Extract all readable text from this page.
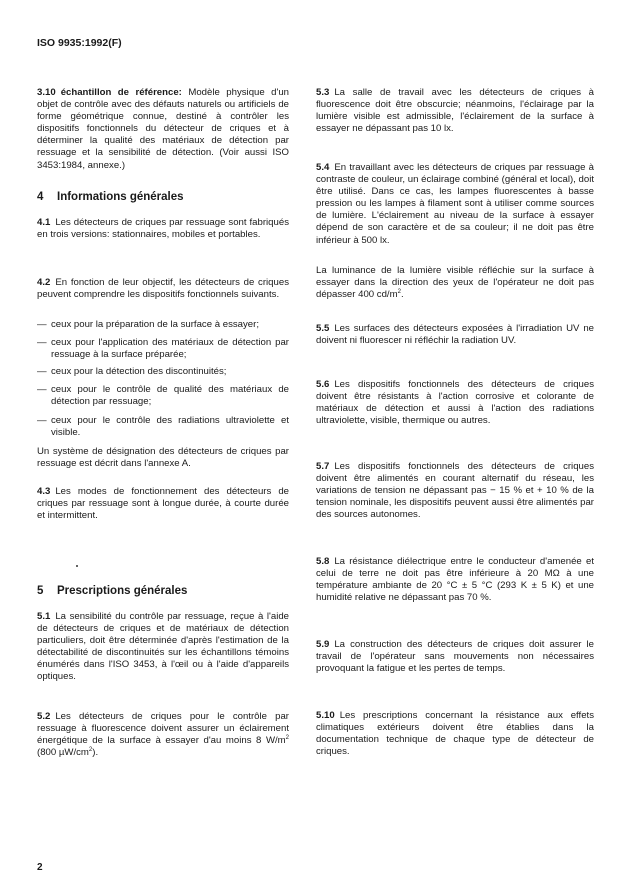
ISO 9935:1992(F)

3.10 échantillon de référence: Modèle physique d'un objet de contrôle avec des défauts naturels ou artificiels de forme géométrique connue, destiné à contrôler les dispositifs fonctionnels du détecteur de criques et à déterminer la qualité des matériaux de détection par ressuage et la sensibilité de détection. (Voir aussi ISO 3453:1984, annexe.)

4 Informations générales

4.1 Les détecteurs de criques par ressuage sont fabriqués en trois versions: stationnaires, mobiles et portables.

4.2 En fonction de leur objectif, les détecteurs de criques peuvent comprendre les dispositifs fonctionnels suivants.

— ceux pour la préparation de la surface à essayer;
— ceux pour l'application des matériaux de détection par ressuage à la surface préparée;
— ceux pour la détection des discontinuités;
— ceux pour le contrôle de qualité des matériaux de détection par ressuage;
— ceux pour le contrôle des radiations ultraviolette et visible.

Un système de désignation des détecteurs de criques par ressuage est décrit dans l'annexe A.

4.3 Les modes de fonctionnement des détecteurs de criques par ressuage sont à longue durée, à courte durée et intermittent.

5 Prescriptions générales

5.1 La sensibilité du contrôle par ressuage, reçue à l'aide de détecteurs de criques et de matériaux de détection particuliers, doit être déterminée d'après l'estimation de la détectabilité de discontinuités sur les échantillons témoins énumérés dans l'ISO 3453, à l'œil ou à l'aide d'appareils optiques.

5.2 Les détecteurs de criques pour le contrôle par ressuage à fluorescence doivent assurer un éclairement énergétique de la surface à essayer d'au moins 8 $W/m^2$ (800 $\mu W/cm^2$).

5.3 La salle de travail avec les détecteurs de criques à fluorescence doit être obscurcie; néanmoins, l'éclairage par la lumière visible est admissible, l'éclairement de la surface à essayer ne dépassant pas 10 lx.

5.4 En travaillant avec les détecteurs de criques par ressuage à contraste de couleur, un éclairage combiné (général et local), doit être utilisé. Dans ce cas, les lampes fluorescentes à basse pression ou les lampes à filament sont à utiliser comme sources de lumière. L'éclairement au niveau de la surface à essayer dépend de son caractère et de sa couleur; il ne doit pas être inférieur à 500 lx.

La luminance de la lumière visible réfléchie sur la surface à essayer dans la direction des yeux de l'opérateur ne doit pas dépasser 400 $cd/m^2$.

5.5 Les surfaces des détecteurs exposées à l'irradiation UV ne doivent ni fluorescer ni réfléchir la radiation UV.

5.6 Les dispositifs fonctionnels des détecteurs de criques doivent être résistants à l'action corrosive et colorante de matériaux de détection et aussi à l'action des radiations ultraviolette, visible, thermique ou autres.

5.7 Les dispositifs fonctionnels des détecteurs de criques doivent être alimentés en courant alternatif du réseau, les variations de tension ne dépassant pas − 15 % et + 10 % de la tension nominale, les dispositifs peuvent aussi être alimentés par des sources autonomes.

5.8 La résistance diélectrique entre le conducteur d'amenée et celui de terre ne doit pas être inférieure à 20 MΩ à une température ambiante de 20 °C ± 5 °C (293 K ± 5 K) et une humidité relative ne dépassant pas 70 %.

5.9 La construction des détecteurs de criques doit assurer le travail de l'opérateur sans mouvements non nécessaires provoquant la fatigue et les pertes de temps.

5.10 Les prescriptions concernant la résistance aux effets climatiques extérieurs doivent être établies dans la documentation technique de chaque type de détecteur de criques.

2
